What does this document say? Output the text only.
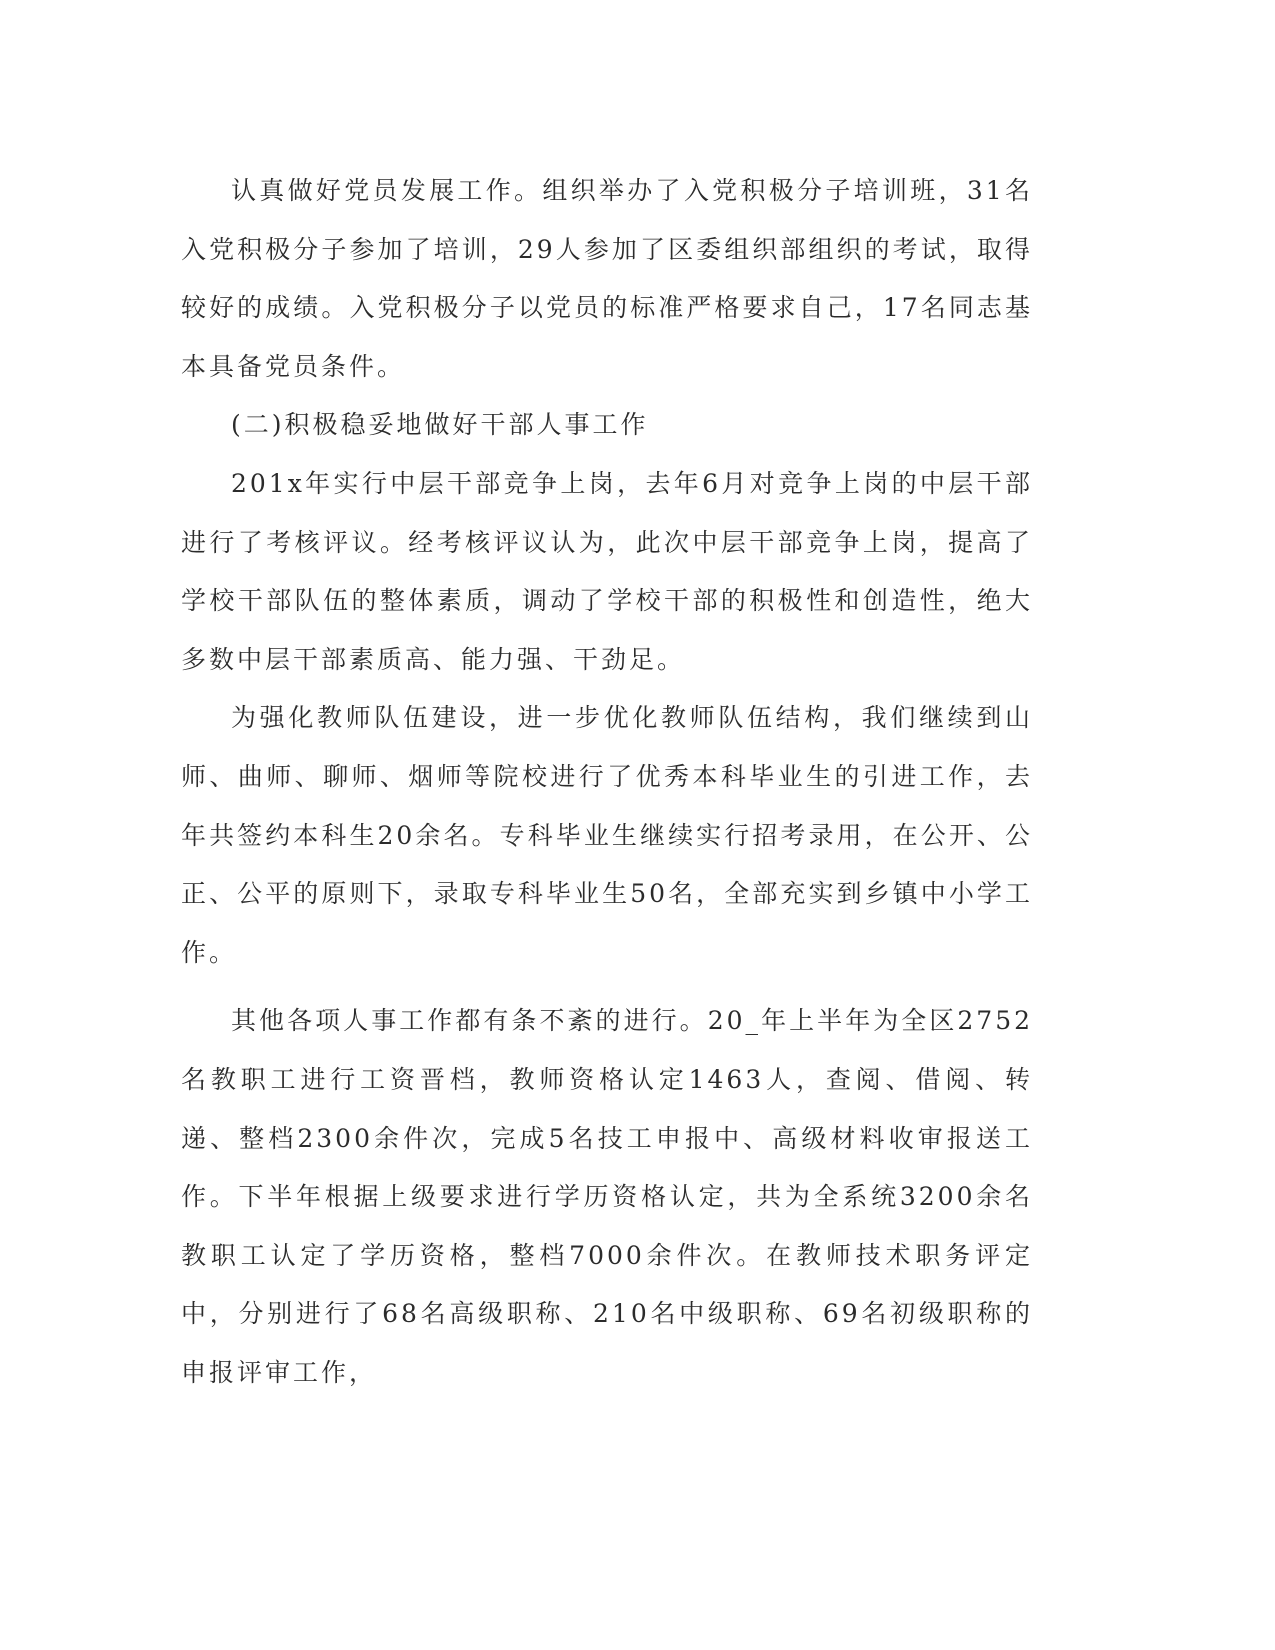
认真做好党员发展工作。组织举办了入党积极分子培训班，31名入党积极分子参加了培训，29人参加了区委组织部组织的考试，取得较好的成绩。入党积极分子以党员的标准严格要求自己，17名同志基本具备党员条件。

(二)积极稳妥地做好干部人事工作

201x年实行中层干部竞争上岗，去年6月对竞争上岗的中层干部进行了考核评议。经考核评议认为，此次中层干部竞争上岗，提高了学校干部队伍的整体素质，调动了学校干部的积极性和创造性，绝大多数中层干部素质高、能力强、干劲足。

为强化教师队伍建设，进一步优化教师队伍结构，我们继续到山师、曲师、聊师、烟师等院校进行了优秀本科毕业生的引进工作，去年共签约本科生20余名。专科毕业生继续实行招考录用，在公开、公正、公平的原则下，录取专科毕业生50名，全部充实到乡镇中小学工作。

其他各项人事工作都有条不紊的进行。20_年上半年为全区2752名教职工进行工资晋档，教师资格认定1463人，查阅、借阅、转递、整档2300余件次，完成5名技工申报中、高级材料收审报送工作。下半年根据上级要求进行学历资格认定，共为全系统3200余名教职工认定了学历资格，整档7000余件次。在教师技术职务评定中，分别进行了68名高级职称、210名中级职称、69名初级职称的申报评审工作，
